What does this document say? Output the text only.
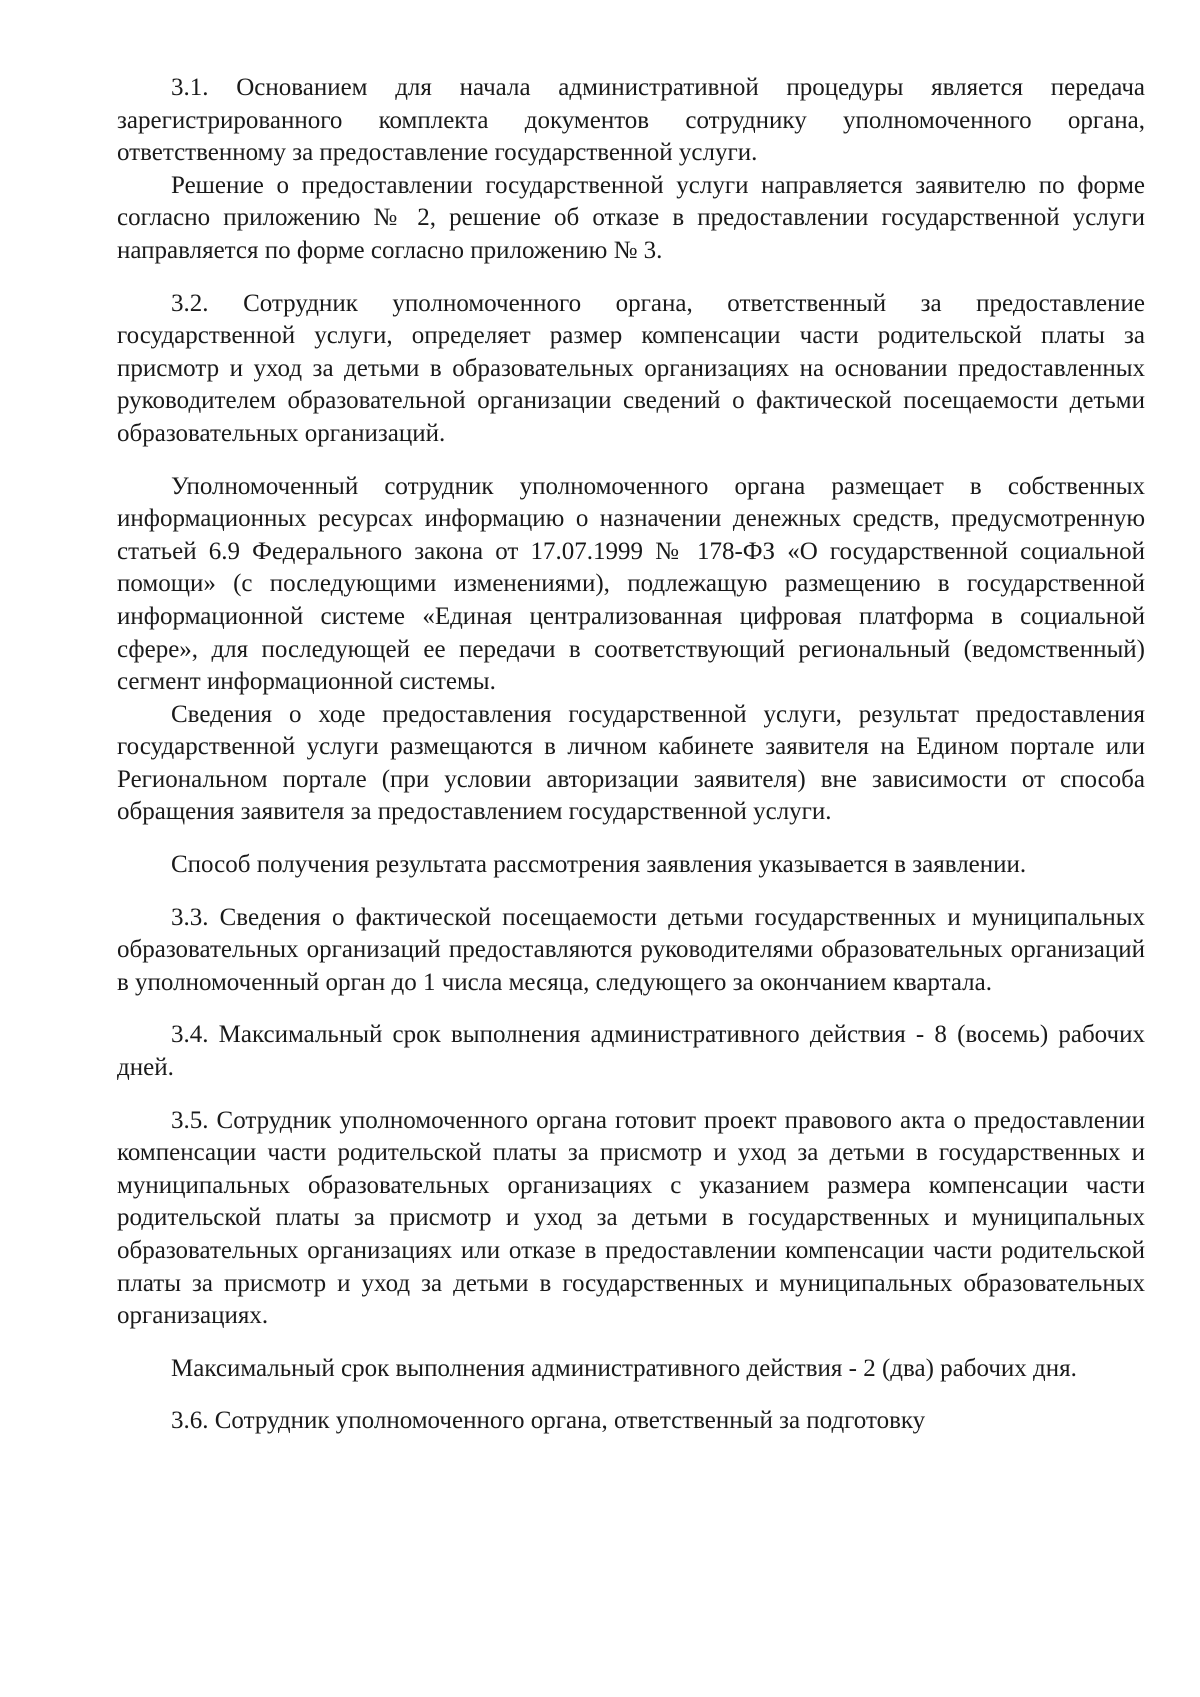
3.1. Основанием для начала административной процедуры является передача зарегистрированного комплекта документов сотруднику уполномоченного органа, ответственному за предоставление государственной услуги.

Решение о предоставлении государственной услуги направляется заявителю по форме согласно приложению № 2, решение об отказе в предоставлении государственной услуги направляется по форме согласно приложению № 3.

3.2. Сотрудник уполномоченного органа, ответственный за предоставление государственной услуги, определяет размер компенсации части родительской платы за присмотр и уход за детьми в образовательных организациях на основании предоставленных руководителем образовательной организации сведений о фактической посещаемости детьми образовательных организаций.

Уполномоченный сотрудник уполномоченного органа размещает в собственных информационных ресурсах информацию о назначении денежных средств, предусмотренную статьей 6.9 Федерального закона от 17.07.1999 № 178-ФЗ «О государственной социальной помощи» (с последующими изменениями), подлежащую размещению в государственной информационной системе «Единая централизованная цифровая платформа в социальной сфере», для последующей ее передачи в соответствующий региональный (ведомственный) сегмент информационной системы.

Сведения о ходе предоставления государственной услуги, результат предоставления государственной услуги размещаются в личном кабинете заявителя на Едином портале или Региональном портале (при условии авторизации заявителя) вне зависимости от способа обращения заявителя за предоставлением государственной услуги.

Способ получения результата рассмотрения заявления указывается в заявлении.

3.3. Сведения о фактической посещаемости детьми государственных и муниципальных образовательных организаций предоставляются руководителями образовательных организаций в уполномоченный орган до 1 числа месяца, следующего за окончанием квартала.

3.4. Максимальный срок выполнения административного действия - 8 (восемь) рабочих дней.

3.5. Сотрудник уполномоченного органа готовит проект правового акта о предоставлении компенсации части родительской платы за присмотр и уход за детьми в государственных и муниципальных образовательных организациях с указанием размера компенсации части родительской платы за присмотр и уход за детьми в государственных и муниципальных образовательных организациях или отказе в предоставлении компенсации части родительской платы за присмотр и уход за детьми в государственных и муниципальных образовательных организациях.

Максимальный срок выполнения административного действия - 2 (два) рабочих дня.

3.6. Сотрудник уполномоченного органа, ответственный за подготовку
